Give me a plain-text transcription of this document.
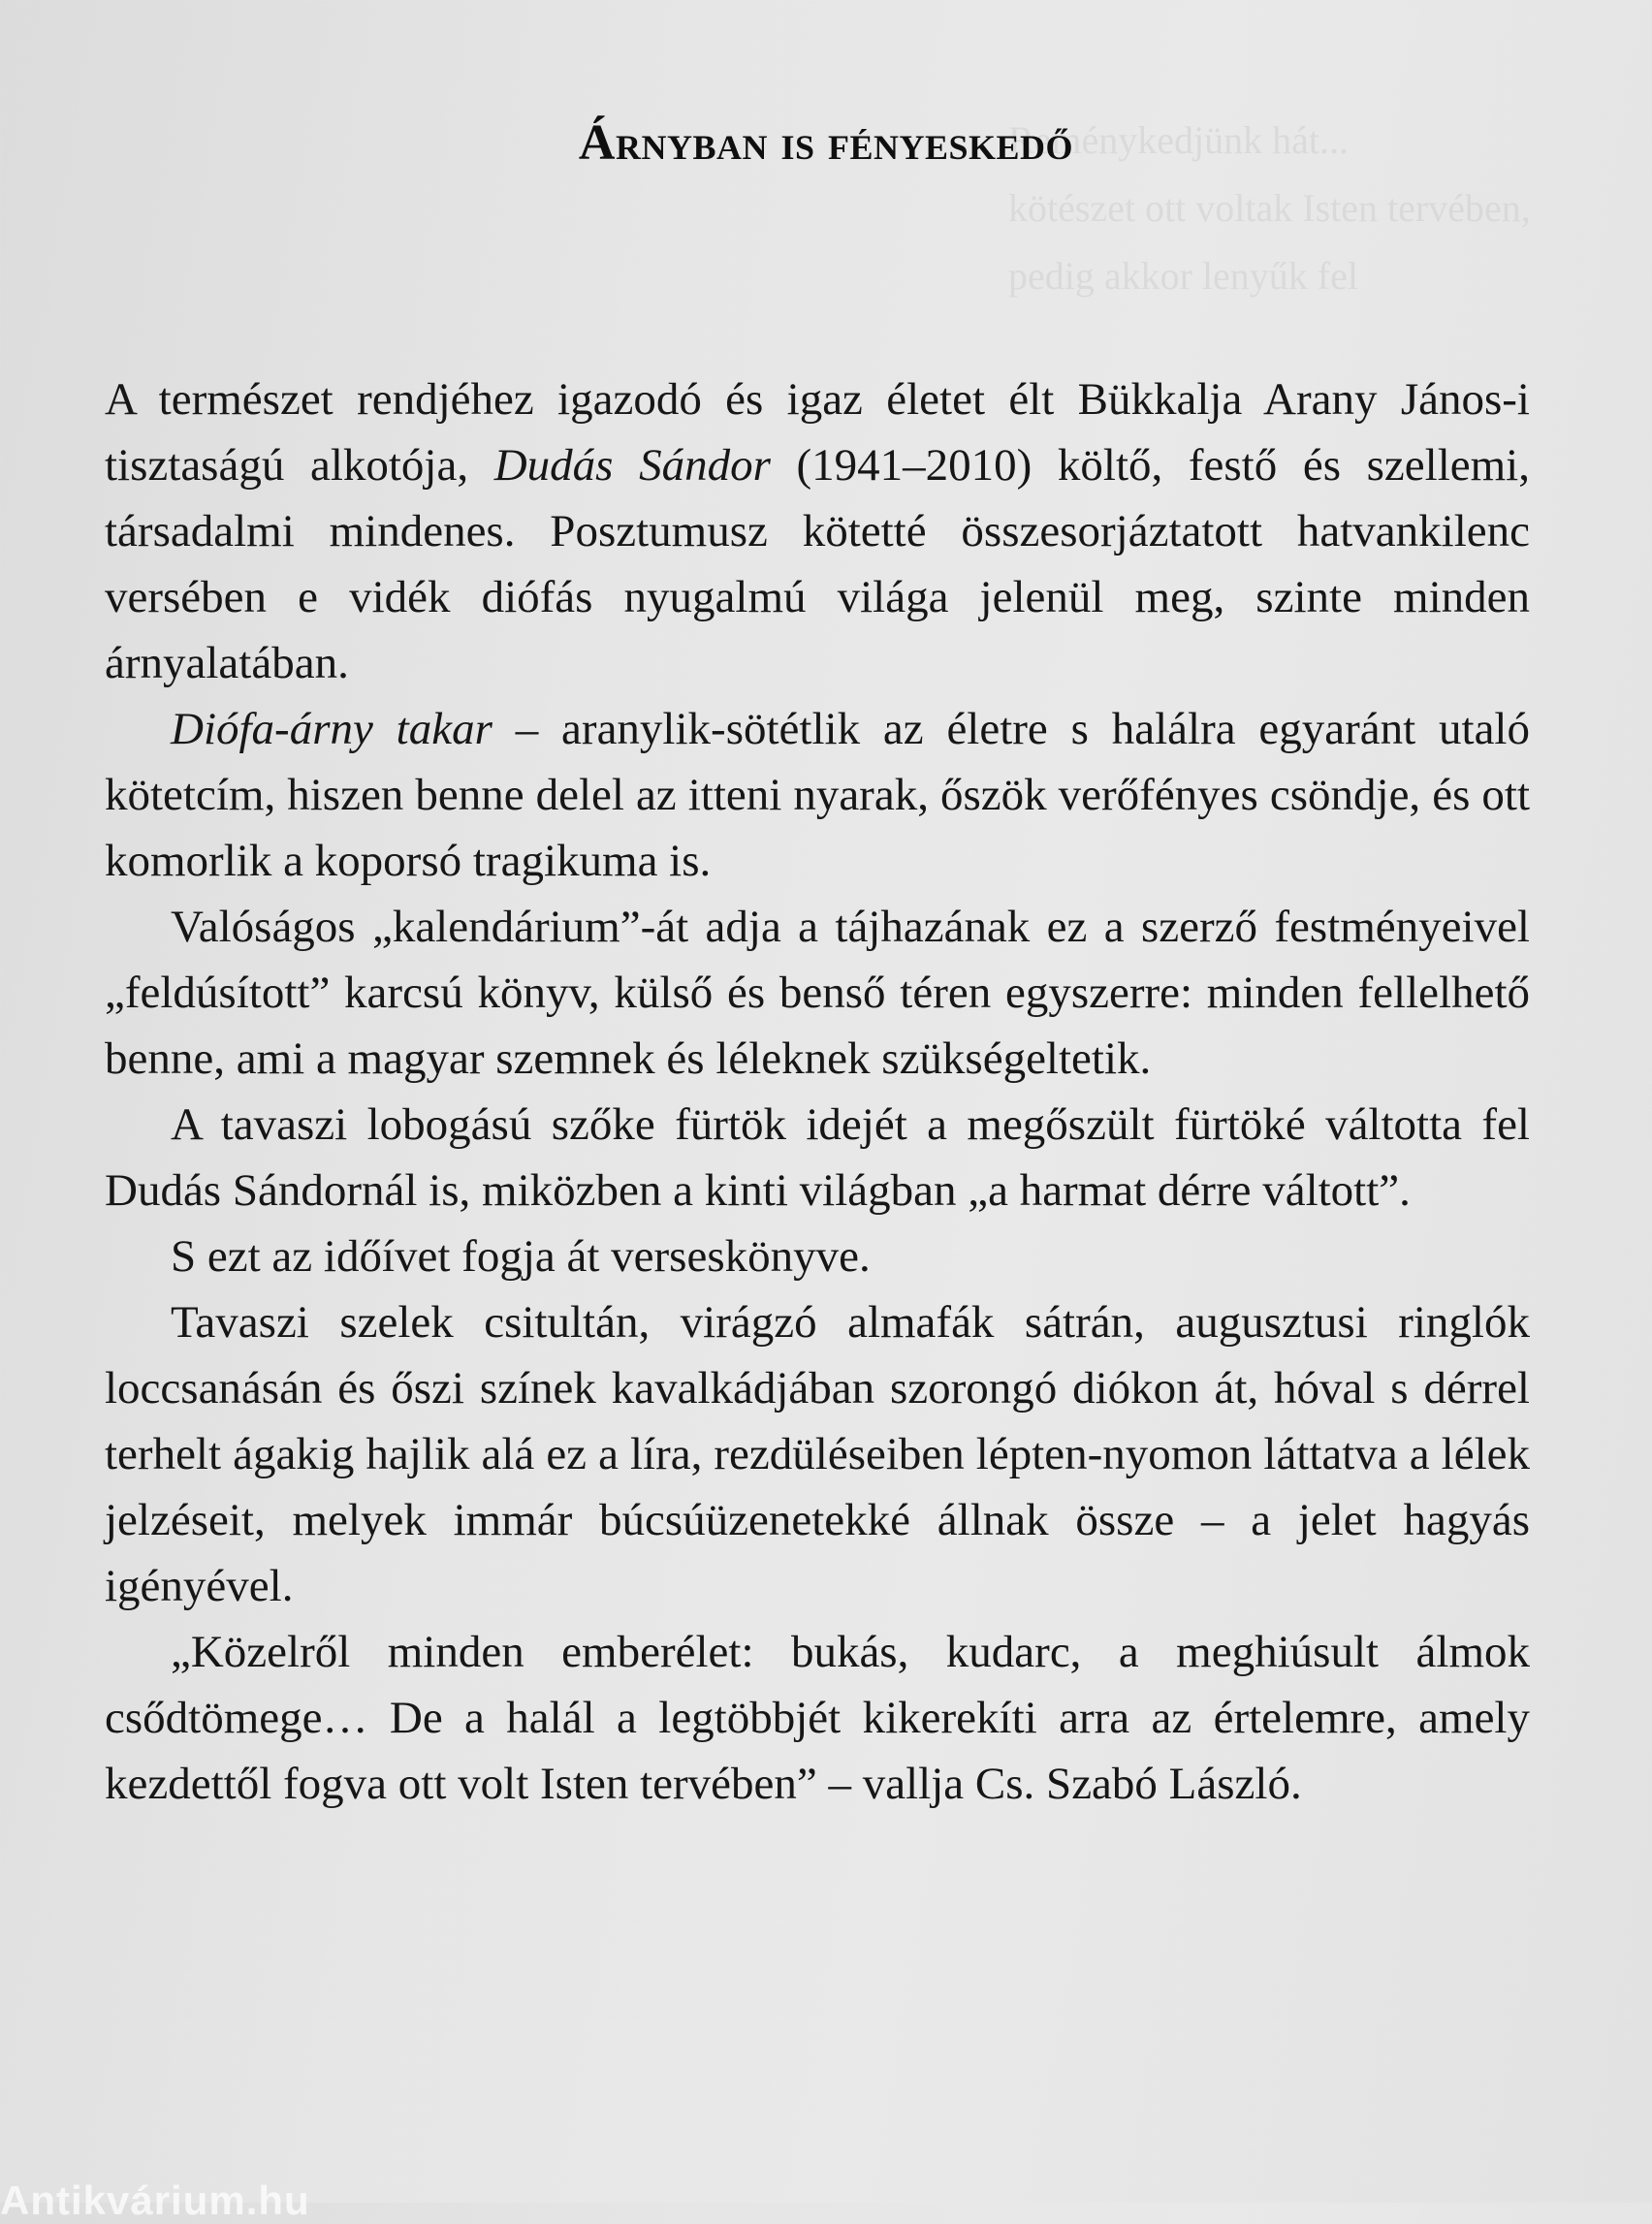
Reménykedjünk hát...
kötészet ott voltak Isten tervében,
pedig akkor lenyűk fel
Árnyban is fényeskedő

A természet rendjéhez igazodó és igaz életet élt Bükkalja Arany János-i tisztaságú alkotója, Dudás Sándor (1941–2010) költő, festő és szellemi, társadalmi mindenes. Posztumusz kötetté összesorjáztatott hatvankilenc versében e vidék diófás nyugalmú világa jelenül meg, szinte minden árnyalatában.

Diófa-árny takar – aranylik-sötétlik az életre s halálra egyaránt utaló kötetcím, hiszen benne delel az itteni nyarak, őszök verőfényes csöndje, és ott komorlik a koporsó tragikuma is.

Valóságos „kalendárium”-át adja a tájhazának ez a szerző festményeivel „feldúsított” karcsú könyv, külső és benső téren egyszerre: minden fellelhető benne, ami a magyar szemnek és léleknek szükségeltetik.

A tavaszi lobogású szőke fürtök idejét a megőszült fürtöké váltotta fel Dudás Sándornál is, miközben a kinti világban „a harmat dérre váltott”.

S ezt az időívet fogja át verseskönyve.

Tavaszi szelek csitultán, virágzó almafák sátrán, augusztusi ringlók loccsanásán és őszi színek kavalkádjában szorongó diókon át, hóval s dérrel terhelt ágakig hajlik alá ez a líra, rezdüléseiben lépten-nyomon láttatva a lélek jelzéseit, melyek immár búcsúüzenetekké állnak össze – a jelet hagyás igényével.

„Közelről minden emberélet: bukás, kudarc, a meghiúsult álmok csődtömege… De a halál a legtöbbjét kikerekíti arra az értelemre, amely kezdettől fogva ott volt Isten tervében” – vallja Cs. Szabó László.

Antikvárium.hu
